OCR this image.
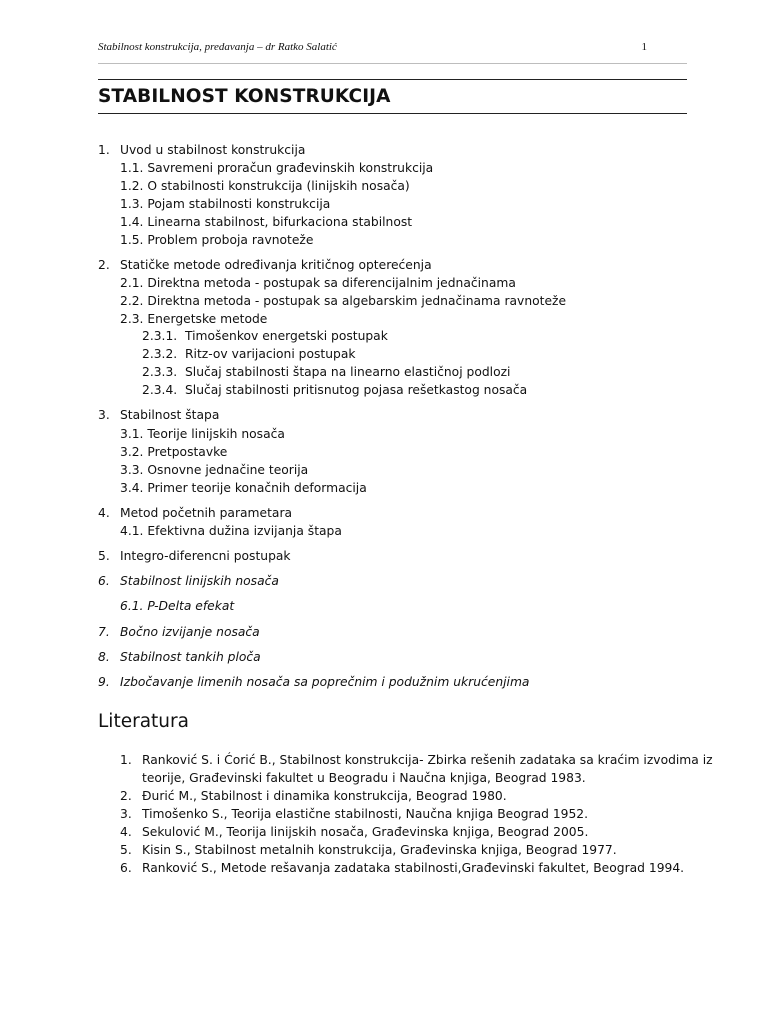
Stabilnost konstrukcija, predavanja – dr Ratko Salatić	1
STABILNOST KONSTRUKCIJA
1. Uvod u stabilnost konstrukcija
1.1. Savremeni proračun građevinskih konstrukcija
1.2. O stabilnosti konstrukcija (linijskih nosača)
1.3. Pojam stabilnosti konstrukcija
1.4. Linearna stabilnost, bifurkaciona stabilnost
1.5. Problem proboja ravnoteže
2. Statičke metode određivanja kritičnog opterećenja
2.1. Direktna metoda - postupak sa diferencijalnim jednačinama
2.2. Direktna metoda - postupak sa algebarskim jednačinama ravnoteže
2.3. Energetske metode
2.3.1. Timošenkov energetski postupak
2.3.2. Ritz-ov varijacioni postupak
2.3.3. Slučaj stabilnosti štapa na linearno elastičnoj podlozi
2.3.4. Slučaj stabilnosti pritisnutog pojasa rešetkastog nosača
3. Stabilnost štapa
3.1. Teorije linijskih nosača
3.2. Pretpostavke
3.3. Osnovne jednačine teorija
3.4. Primer teorije konačnih deformacija
4. Metod početnih parametara
4.1. Efektivna dužina izvijanja štapa
5. Integro-diferencni postupak
6. Stabilnost linijskih nosača
6.1. P-Delta efekat
7. Bočno izvijanje nosača
8. Stabilnost tankih ploča
9. Izbočavanje limenih nosača sa poprečnim i podužnim ukrućenjima
Literatura
1. Ranković S. i Ćorić B., Stabilnost konstrukcija- Zbirka rešenih zadataka sa kraćim izvodima iz
teorije, Građevinski fakultet u Beogradu i Naučna knjiga, Beograd 1983.
2. Đurić M., Stabilnost i dinamika konstrukcija, Beograd 1980.
3. Timošenko S., Teorija elastične stabilnosti, Naučna knjiga Beograd 1952.
4. Sekulović M., Teorija linijskih nosača, Građevinska knjiga, Beograd 2005.
5. Kisin S., Stabilnost metalnih konstrukcija, Građevinska knjiga, Beograd 1977.
6. Ranković S., Metode rešavanja zadataka stabilnosti,Građevinski fakultet, Beograd 1994.
